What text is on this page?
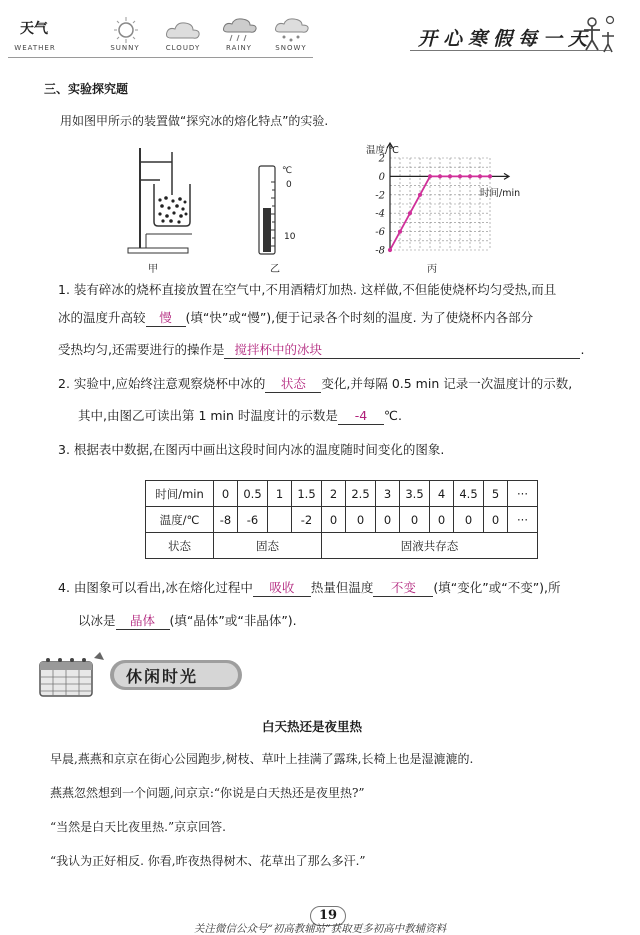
天气
WEATHER	SUNNY	CLOUDY	RAINY	SNOWY	开心寒假每一天
三、实验探究题
用如图甲所示的装置做“探究冰的熔化特点”的实验.
甲
℃
0
10
乙
2
0
-2
-4
-6
-8
温度/℃
时间/min
丙
1. 装有碎冰的烧杯直接放置在空气中,不用酒精灯加热. 这样做,不但能使烧杯均匀受热,而且
冰的温度升高较 慢 (填“快”或“慢”),便于记录各个时刻的温度. 为了使烧杯内各部分
受热均匀,还需要进行的操作是 搅拌杯中的冰块	.
2. 实验中,应始终注意观察烧杯中冰的 状态 变化,并每隔 0.5 min 记录一次温度计的示数,
其中,由图乙可读出第 1 min 时温度计的示数是 -4 ℃.
3. 根据表中数据,在图丙中画出这段时间内冰的温度随时间变化的图象.
时间/min	0	0.5	1	1.5	2	2.5	3	3.5	4	4.5	5	···
温度/℃	-8	-6		-2	0	0	0	0	0	0	0	···
状态	固态				固液共存态							
4. 由图象可以看出,冰在熔化过程中 吸收 热量但温度 不变 (填“变化”或“不变”),所
以冰是 晶体 (填“晶体”或“非晶体”).
休闲时光
白天热还是夜里热
早晨,燕燕和京京在街心公园跑步,树枝、草叶上挂满了露珠,长椅上也是湿漉漉的.
燕燕忽然想到一个问题,问京京:“你说是白天热还是夜里热?”
“当然是白天比夜里热.”京京回答.
“我认为正好相反. 你看,昨夜热得树木、花草出了那么多汗.”
19
关注微信公众号“初高教辅站”获取更多初高中教辅资料
